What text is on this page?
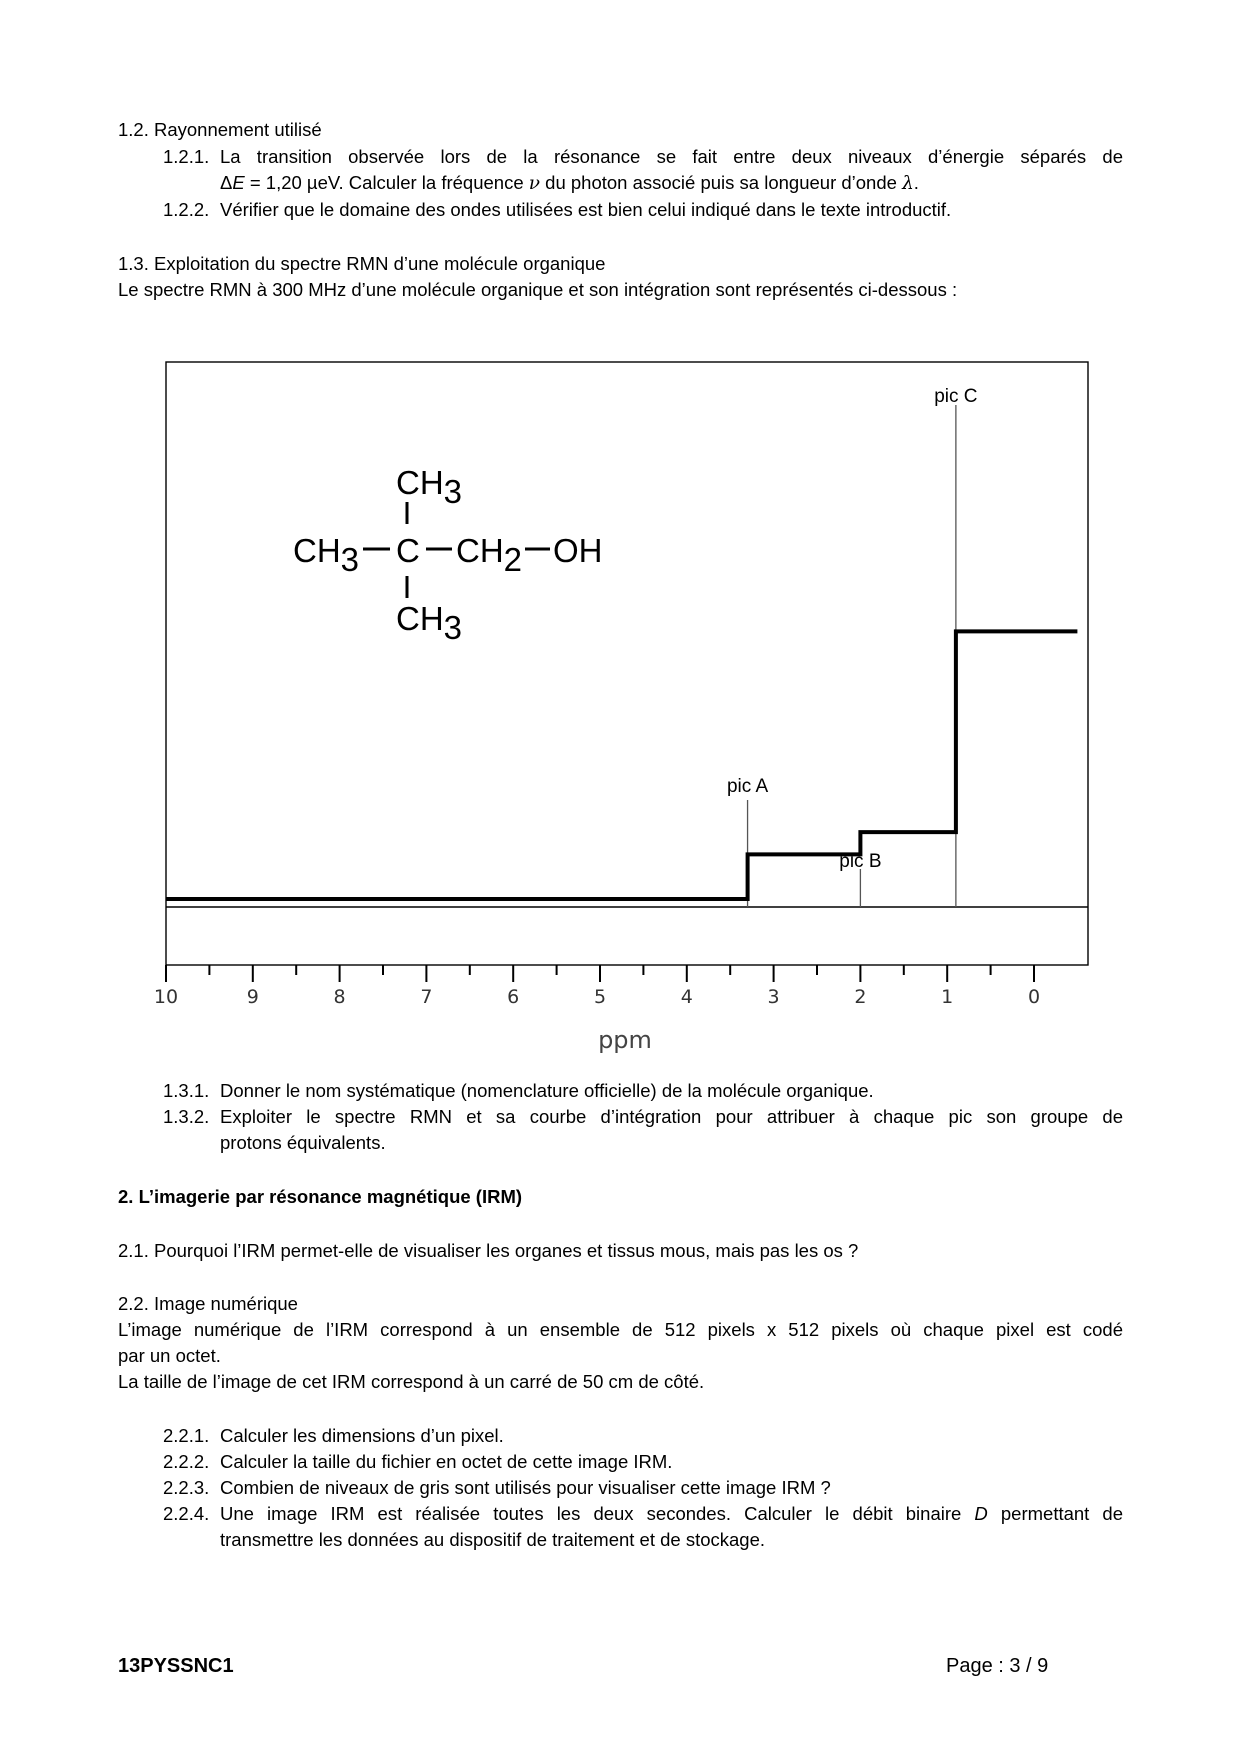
1.2. Rayonnement utilisé
1.2.1. La transition observée lors de la résonance se fait entre deux niveaux d’énergie séparés de
ΔE = 1,20 µeV. Calculer la fréquence ν du photon associé puis sa longueur d’onde λ.
1.2.2. Vérifier que le domaine des ondes utilisées est bien celui indiqué dans le texte introductif.
1.3. Exploitation du spectre RMN d’une molécule organique
Le spectre RMN à 300 MHz d’une molécule organique et son intégration sont représentés ci-dessous :
10	9	8	7	6	5	4	3	2	1	0
pic A
pic B
pic C
ppm
CH3
CH3 C CH2 OH
CH3
1.3.1. Donner le nom systématique (nomenclature officielle) de la molécule organique.
1.3.2. Exploiter le spectre RMN et sa courbe d’intégration pour attribuer à chaque pic son groupe de
protons équivalents.
2. L’imagerie par résonance magnétique (IRM)
2.1. Pourquoi l’IRM permet-elle de visualiser les organes et tissus mous, mais pas les os ?
2.2. Image numérique
L’image numérique de l’IRM correspond à un ensemble de 512 pixels x 512 pixels où chaque pixel est codé
par un octet.
La taille de l’image de cet IRM correspond à un carré de 50 cm de côté.
2.2.1. Calculer les dimensions d’un pixel.
2.2.2. Calculer la taille du fichier en octet de cette image IRM.
2.2.3. Combien de niveaux de gris sont utilisés pour visualiser cette image IRM ?
2.2.4. Une image IRM est réalisée toutes les deux secondes. Calculer le débit binaire D permettant de
transmettre les données au dispositif de traitement et de stockage.
13PYSSNC1	Page : 3 / 9
